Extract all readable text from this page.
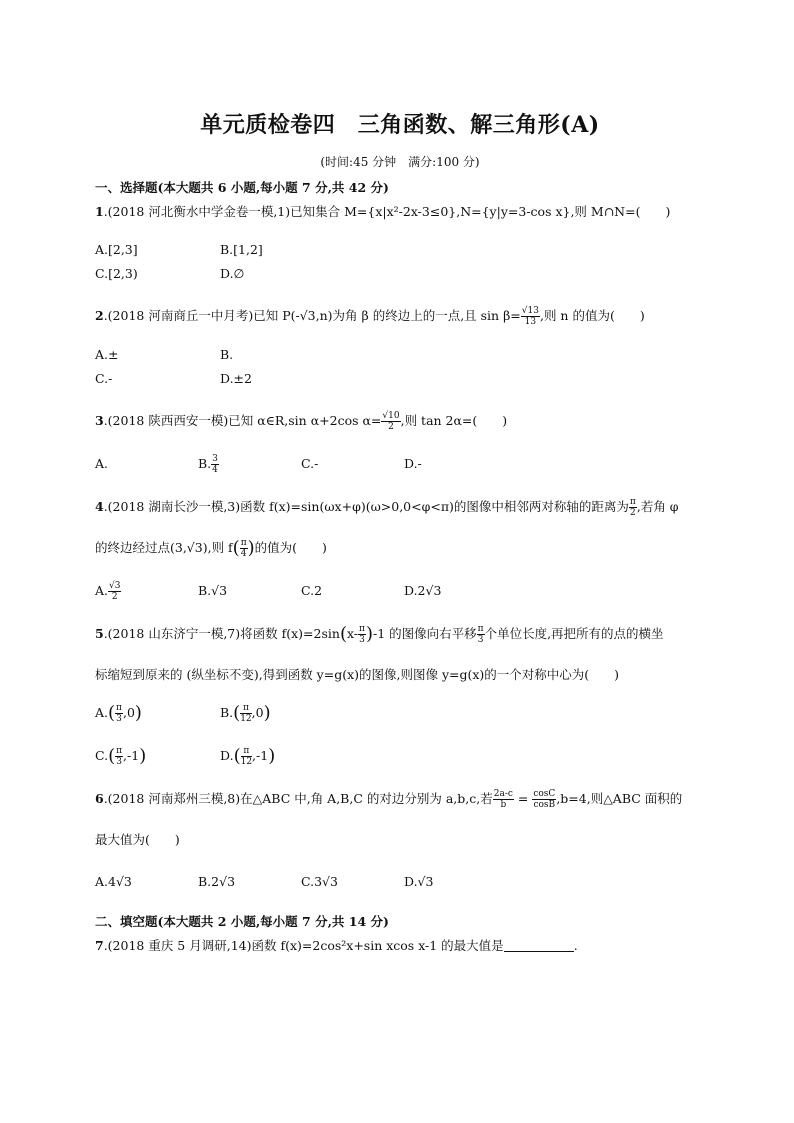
单元质检卷四　三角函数、解三角形(A)
(时间:45 分钟　满分:100 分)
一、选择题(本大题共 6 小题,每小题 7 分,共 42 分)
1.(2018 河北衡水中学金卷一模,1)已知集合 M={x|x²-2x-3≤0},N={y|y=3-cos x},则 M∩N=(　　)
A.[2,3]	B.[1,2]
C.[2,3)	D.∅
2.(2018 河南商丘一中月考)已知 P(-√3,n)为角 β 的终边上的一点,且 $\sin \beta= \frac{√13}{13}$ ,则 n 的值为(　　)
A.±	B.
C.-	D.±2
3.(2018 陕西西安一模)已知 α∈R,sin α+2cos $\alpha= \frac{√10}{2}$ ,则 tan 2α=(　　)
A.	B. $\frac{3}{4}$	C.-	D.-
4.(2018 湖南长沙一模,3)函数 f(x)=sin(ωx+φ)(ω>0,0<φ<π)的图像中相邻两对称轴的距离为 $\frac{\pi}{2}$ ,若角 φ
的终边经过点(3,√3),则 $f( \frac{\pi}{4}$ )的值为(　　)
A. $\frac{√3}{2}$	B.√3	C.2	D.2√3
5.(2018 山东济宁一模,7)将函数 $f(x)=2\sin(x- \frac{\pi}{3} )-1$ 的图像向右平移 $\frac{\pi}{3}$ 个单位长度,再把所有的点的横坐
标缩短到原来的 (纵坐标不变),得到函数 y=g(x)的图像,则图像 y=g(x)的一个对称中心为(　　)
$A.( \frac{\pi}{3} ,0)$	$B.( \frac{\pi}{12} ,0)$
$C.( \frac{\pi}{3} ,-1)$	$D.( \frac{\pi}{12} ,-1)$
6.(2018 河南郑州三模,8)在△ABC 中,角 A,B,C 的对边分别为 a,b,c,若 $\frac{2a-c}{b} = \frac{\cos C}{\cos B} ,b=4$,则△ABC 面积的
最大值为(　　)
A.4√3	B.2√3	C.3√3	D.√3
二、填空题(本大题共 2 小题,每小题 7 分,共 14 分)
7.(2018 重庆 5 月调研,14)函数 f(x)=2cos²x+sin xcos x-1 的最大值是	.
